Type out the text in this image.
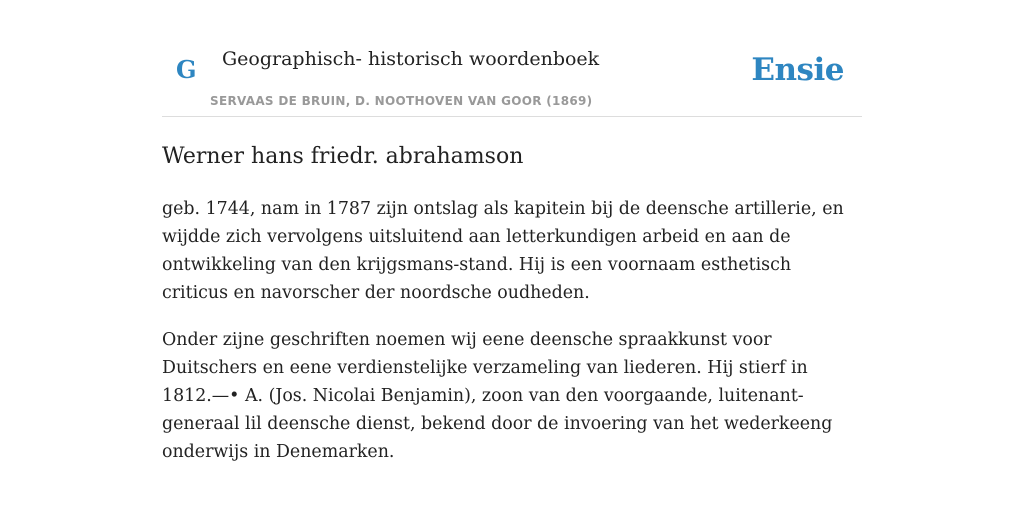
G Geographisch- historisch woordenboek
SERVAAS DE BRUIN, D. NOOTHOVEN VAN GOOR (1869)
Ensie
Werner hans friedr. abrahamson

geb. 1744, nam in 1787 zijn ontslag als kapitein bij de deensche artillerie, en wijdde zich vervolgens uitsluitend aan letterkundigen arbeid en aan de ontwikkeling van den krijgsmans-stand. Hij is een voornaam esthetisch criticus en navorscher der noordsche oudheden.

Onder zijne geschriften noemen wij eene deensche spraakkunst voor Duitschers en eene verdienstelijke verzameling van liederen. Hij stierf in 1812.—• A. (Jos. Nicolai Benjamin), zoon van den voorgaande, luitenant-generaal lil deensche dienst, bekend door de invoering van het wederkeeng onderwijs in Denemarken.
